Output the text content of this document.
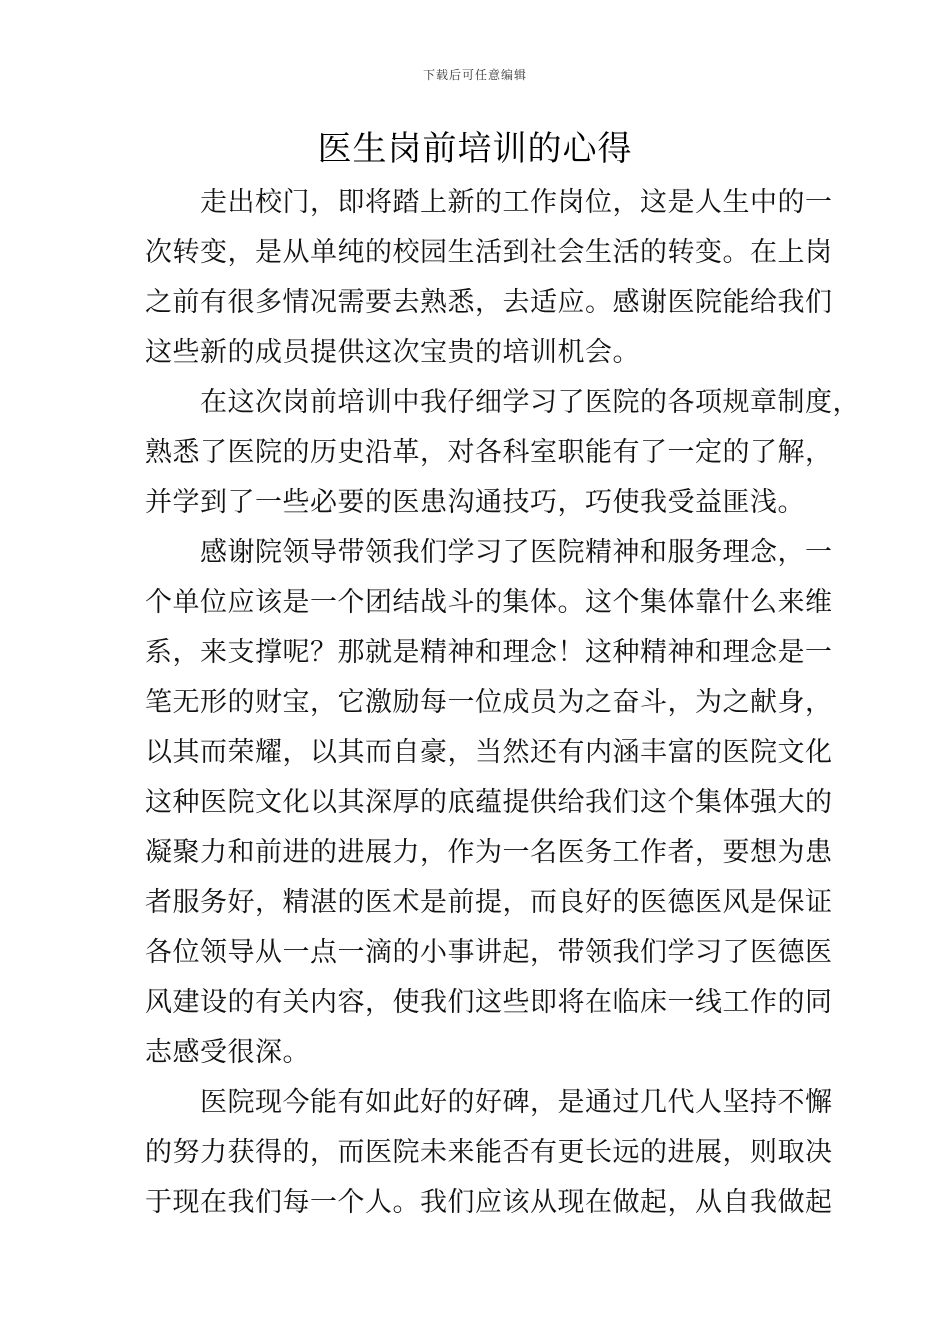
下载后可任意编辑
医生岗前培训的心得
走出校门，即将踏上新的工作岗位，这是人生中的一
次转变，是从单纯的校园生活到社会生活的转变。在上岗
之前有很多情况需要去熟悉，去适应。感谢医院能给我们
这些新的成员提供这次宝贵的培训机会。
在这次岗前培训中我仔细学习了医院的各项规章制度，
熟悉了医院的历史沿革，对各科室职能有了一定的了解，
并学到了一些必要的医患沟通技巧，巧使我受益匪浅。
感谢院领导带领我们学习了医院精神和服务理念，一
个单位应该是一个团结战斗的集体。这个集体靠什么来维
系，来支撑呢？那就是精神和理念！这种精神和理念是一
笔无形的财宝，它激励每一位成员为之奋斗，为之献身，
以其而荣耀，以其而自豪，当然还有内涵丰富的医院文化
这种医院文化以其深厚的底蕴提供给我们这个集体强大的
凝聚力和前进的进展力，作为一名医务工作者，要想为患
者服务好，精湛的医术是前提，而良好的医德医风是保证
各位领导从一点一滴的小事讲起，带领我们学习了医德医
风建设的有关内容，使我们这些即将在临床一线工作的同
志感受很深。
医院现今能有如此好的好碑，是通过几代人坚持不懈
的努力获得的，而医院未来能否有更长远的进展，则取决
于现在我们每一个人。我们应该从现在做起，从自我做起
